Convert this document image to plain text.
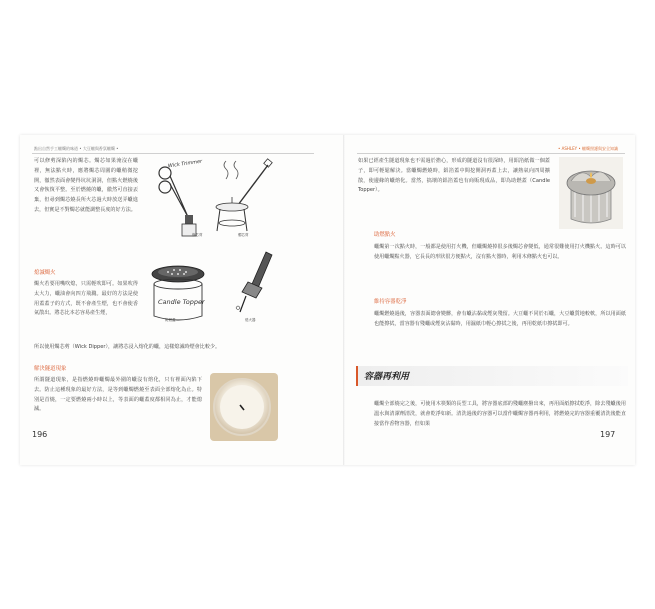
點出自然手工蠟燭的味道 • 大豆蠟與香氛蠟燭 •
可以修剪深陷內的燭芯。燭芯如果淹沒在蠟裡，無法點火時，應將燭芯周圍的蠟稍微挖開，徹然表面會變得坑坑洞洞，但點火燃燒後又會恢復平整。至於燃燒的蠟，徹然可直接丟棄，但尋到燭芯燒長所火芯過大時放送弄蠟進去，但實是不對燭芯就能調整長度的好方法。
熄滅燭火
燭火若要用嘴吹熄，只需輕吹即可。如果吹得太大力，蠟油會向四方飛濺。最好的方法是使用蓋蓋子的方式，既不會產生煙，也不會使香氣散出。將芯比本芯容易產生煙，
所以使用燭芯剪（Wick Dipper），讓將芯浸入熔化的蠟，這樣熄滅時煙會比較少。
解決隧道現象
所謂隧道現象，是指燃燒時蠟燭最外圍的蠟沒有熔化，只有裡面內陷下去。防止這種現象的最好方法，是等到蠟燭燃燒至表面全部熔化為止。特別是首燒，一定要燃燒兩小時以上，等表面的蠟蓋度都相同為止，才能熄滅。
Wick Trimmer
修芯剪	燭芯剪
Candle Topper
防燃蓋	熄火器
196
• ASHLEY • 蠟燭照護與安全知識
如果已經產生隧道現象也不需過於擔心，形成的隧道沒有很深時，用鋁箔紙做一個蓋子，即可輕鬆解決。當蠟燭燃燒時，鋁箔蓋中間挖開洞再蓋上去，讓熱氣向四周擴散，使邊緣的蠟熔化。當然，搞壞的鋁箔蓋也有商販現成品，即為助燃蓋（Candle Topper）。
助燃點火
蠟燭第一次點火時，一般都是使用打火機，但蠟燭燒掉很多後燭芯會變低，通常很難使用打火機點火。這時可以使用蠟燭點火器，它長長的形狀很方便點火，沒有點火器時，利用木條點火也可以。
維持容器乾淨
蠟燭燃燒過後，容器表面總會變髒，會有蠟沾黏或煙灰殘留。大豆蠟不同於石蠟，大豆蠟質地較軟，所以用面紙也能擦拭，當容器有殘蠟或煙灰沾黏時，用濕紙巾輕心擦拭之後，再用乾紙巾擦拭即可。
容器再利用
蠟燭全部燒完之後，可使用木筷類的長型工具，將容器底部的殘蠟塵撥出來，再用面紙擦拭乾淨，除去殘蠟後用溫水與清潔劑清洗，就會乾淨如新。清洗過後的容器可以當作蠟燭容器再利用，將燃燒完的容器重覆清洗後能直接當作香物容器，但如果
197
